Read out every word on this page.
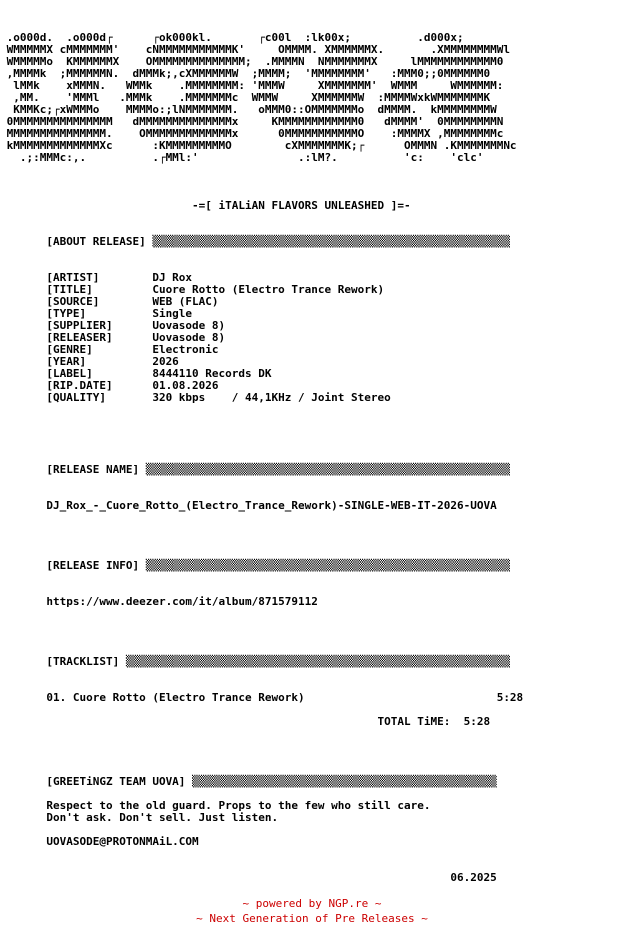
.o000d.  .o000d┌      ┌ok000kl.       ┌c00l  :lk00x;          .d000x;
WMMMMMX cMMMMMMM'    cNMMMMMMMMMMMK'     OMMMM. XMMMMMMX.       .XMMMMMMMMWl
WMMMMMo  KMMMMMMX    OMMMMMMMMMMMMMM;  .MMMMN  NMMMMMMMX     lMMMMMMMMMMMM0
,MMMMk  ;MMMMMMN.  dMMMk;,cXMMMMMMW  ;MMMM;  'MMMMMMMM'   :MMM0;;0MMMMMM0
lMMk    xMMMN.   WMMk    .MMMMMMMM: 'MMMW     XMMMMMMM'  WMMM     WMMMMMM:
,MM.    'MMMl   .MMMk    .MMMMMMMc  WMMW     XMMMMMMW  :MMMMWxkWMMMMMMMK
KMMKc;┌xWMMMo    MMMMo:;lNMMMMMMM.   oMMM0::OMMMMMMMo  dMMMM.  kMMMMMMMMW
0MMMMMMMMMMMMMMM   dMMMMMMMMMMMMMMx     KMMMMMMMMMMMM0   dMMMM'  0MMMMMMMMN
MMMMMMMMMMMMMMM.    OMMMMMMMMMMMMMx      0MMMMMMMMMMMO    :MMMMX ,MMMMMMMMc
kMMMMMMMMMMMMMXc      :KMMMMMMMMMO        cXMMMMMMMK;┌      OMMMN .KMMMMMMMNc
.;:MMMc:,.          .┌MMl:'               .:lM?.          'c:    'clc'
-=[ iTALiAN FLAVORS UNLEASHED ]=-
[ABOUT RELEASE] ▒▒▒▒▒▒▒▒▒▒▒▒▒▒▒▒▒▒▒▒▒▒▒▒▒▒▒▒▒▒▒▒▒▒▒▒▒▒▒▒▒▒▒▒▒▒▒▒▒▒▒▒▒▒
[ARTIST]        DJ Rox
[TITLE]         Cuore Rotto (Electro Trance Rework)
[SOURCE]        WEB (FLAC)
[TYPE]          Single
[SUPPLIER]      Uovasode 8)
[RELEASER]      Uovasode 8)
[GENRE]         Electronic
[YEAR]          2026
[LABEL]         8444110 Records DK
[RIP.DATE]      01.08.2026
[QUALITY]       320 kbps    / 44,1KHz / Joint Stereo
[RELEASE NAME] ▒▒▒▒▒▒▒▒▒▒▒▒▒▒▒▒▒▒▒▒▒▒▒▒▒▒▒▒▒▒▒▒▒▒▒▒▒▒▒▒▒▒▒▒▒▒▒▒▒▒▒▒▒▒▒
DJ_Rox_-_Cuore_Rotto_(Electro_Trance_Rework)-SINGLE-WEB-IT-2026-UOVA
[RELEASE INFO] ▒▒▒▒▒▒▒▒▒▒▒▒▒▒▒▒▒▒▒▒▒▒▒▒▒▒▒▒▒▒▒▒▒▒▒▒▒▒▒▒▒▒▒▒▒▒▒▒▒▒▒▒▒▒▒
https://www.deezer.com/it/album/871579112
[TRACKLIST] ▒▒▒▒▒▒▒▒▒▒▒▒▒▒▒▒▒▒▒▒▒▒▒▒▒▒▒▒▒▒▒▒▒▒▒▒▒▒▒▒▒▒▒▒▒▒▒▒▒▒▒▒▒▒▒▒▒▒
01. Cuore Rotto (Electro Trance Rework)                             5:28
TOTAL TiME:  5:28
[GREETiNGZ TEAM UOVA] ▒▒▒▒▒▒▒▒▒▒▒▒▒▒▒▒▒▒▒▒▒▒▒▒▒▒▒▒▒▒▒▒▒▒▒▒▒▒▒▒▒▒▒▒▒▒
Respect to the old guard. Props to the few who still care.
Don't ask. Don't sell. Just listen.
UOVASODE@PROTONMAiL.COM
06.2025
~ powered by NGP.re ~
~ Next Generation of Pre Releases ~
